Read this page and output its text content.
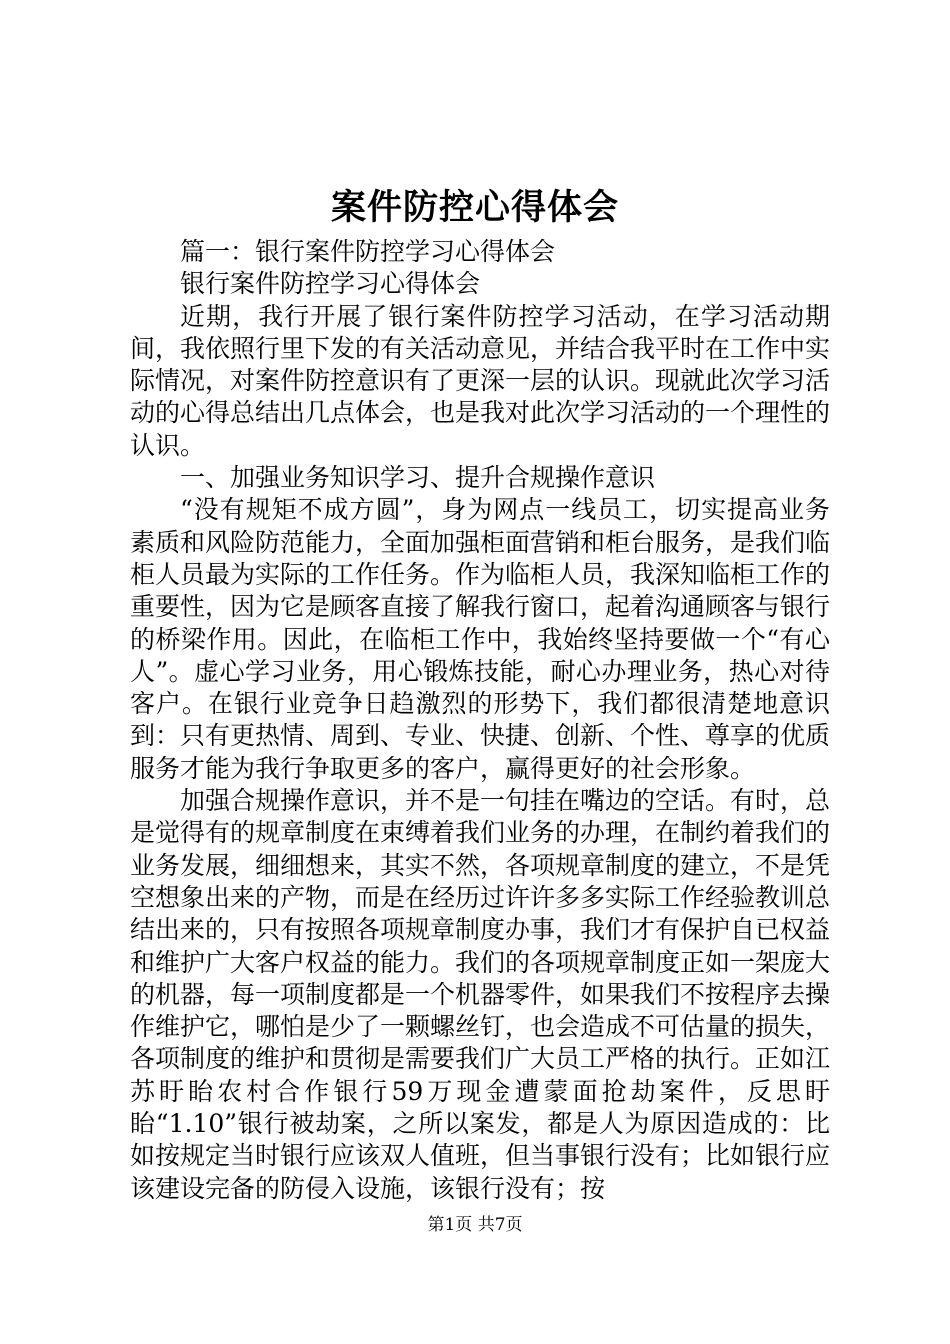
案件防控心得体会

篇一：银行案件防控学习心得体会

银行案件防控学习心得体会

近期，我行开展了银行案件防控学习活动，在学习活动期间，我依照行里下发的有关活动意见，并结合我平时在工作中实际情况，对案件防控意识有了更深一层的认识。现就此次学习活动的心得总结出几点体会，也是我对此次学习活动的一个理性的认识。

一、加强业务知识学习、提升合规操作意识

“没有规矩不成方圆”，身为网点一线员工，切实提高业务素质和风险防范能力，全面加强柜面营销和柜台服务，是我们临柜人员最为实际的工作任务。作为临柜人员，我深知临柜工作的重要性，因为它是顾客直接了解我行窗口，起着沟通顾客与银行的桥梁作用。因此，在临柜工作中，我始终坚持要做一个“有心人”。虚心学习业务，用心锻炼技能，耐心办理业务，热心对待客户。在银行业竞争日趋激烈的形势下，我们都很清楚地意识到：只有更热情、周到、专业、快捷、创新、个性、尊享的优质服务才能为我行争取更多的客户，赢得更好的社会形象。

加强合规操作意识，并不是一句挂在嘴边的空话。有时，总是觉得有的规章制度在束缚着我们业务的办理，在制约着我们的业务发展，细细想来，其实不然，各项规章制度的建立，不是凭空想象出来的产物，而是在经历过许许多多实际工作经验教训总结出来的，只有按照各项规章制度办事，我们才有保护自已权益和维护广大客户权益的能力。我们的各项规章制度正如一架庞大的机器，每一项制度都是一个机器零件，如果我们不按程序去操作维护它，哪怕是少了一颗螺丝钉，也会造成不可估量的损失，各项制度的维护和贯彻是需要我们广大员工严格的执行。正如江苏盱眙农村合作银行59万现金遭蒙面抢劫案件，反思盱眙“1.10”银行被劫案，之所以案发，都是人为原因造成的：比如按规定当时银行应该双人值班，但当事银行没有；比如银行应该建设完备的防侵入设施，该银行没有；按

第1页 共7页
